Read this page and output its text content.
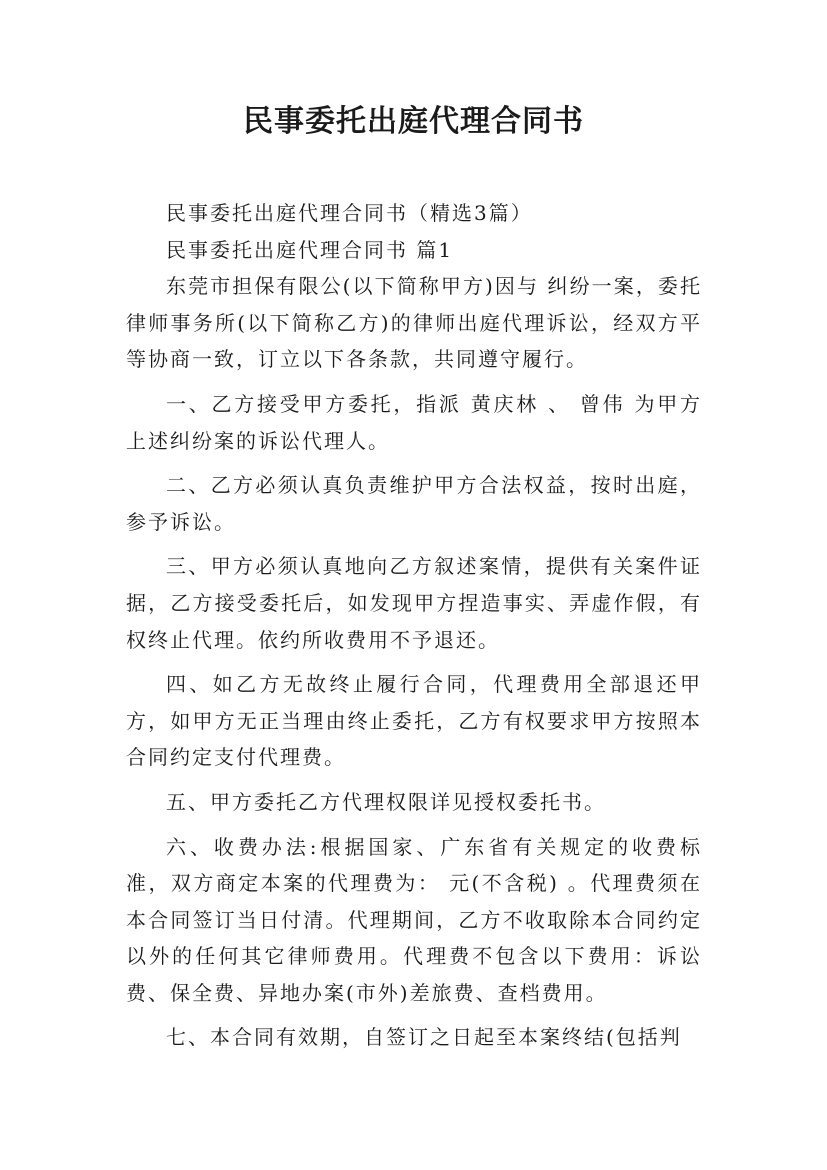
民事委托出庭代理合同书

民事委托出庭代理合同书（精选3篇）

民事委托出庭代理合同书 篇1

东莞市担保有限公(以下简称甲方)因与 纠纷一案，委托律师事务所(以下简称乙方)的律师出庭代理诉讼，经双方平等协商一致，订立以下各条款，共同遵守履行。

一、乙方接受甲方委托，指派 黄庆林 、 曾伟 为甲方上述纠纷案的诉讼代理人。

二、乙方必须认真负责维护甲方合法权益，按时出庭，参予诉讼。

三、甲方必须认真地向乙方叙述案情，提供有关案件证据，乙方接受委托后，如发现甲方捏造事实、弄虚作假，有权终止代理。依约所收费用不予退还。

四、如乙方无故终止履行合同，代理费用全部退还甲方，如甲方无正当理由终止委托，乙方有权要求甲方按照本合同约定支付代理费。

五、甲方委托乙方代理权限详见授权委托书。

六、收费办法:根据国家、广东省有关规定的收费标准，双方商定本案的代理费为： 元(不含税) 。代理费须在本合同签订当日付清。代理期间，乙方不收取除本合同约定以外的任何其它律师费用。代理费不包含以下费用：诉讼费、保全费、异地办案(市外)差旅费、查档费用。

七、本合同有效期，自签订之日起至本案终结(包括判
